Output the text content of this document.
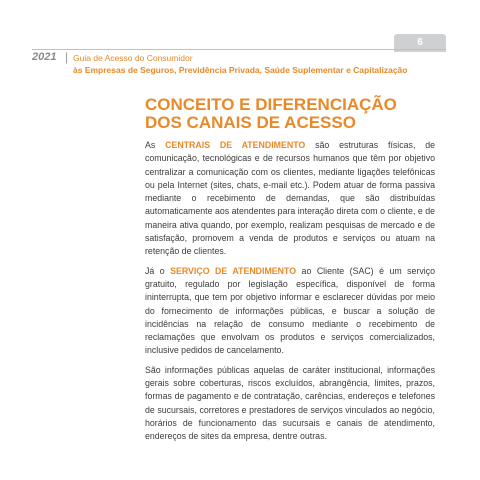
6
2021 | Guia de Acesso do Consumidor
às Empresas de Seguros, Previdência Privada, Saúde Suplementar e Capitalização
CONCEITO E DIFERENCIAÇÃO
DOS CANAIS DE ACESSO

As CENTRAIS DE ATENDIMENTO são estruturas físicas, de comunicação, tecnológicas e de recursos humanos que têm por objetivo centralizar a comunicação com os clientes, mediante ligações telefônicas ou pela Internet (sites, chats, e-mail etc.). Podem atuar de forma passiva mediante o recebimento de demandas, que são distribuídas automaticamente aos atendentes para interação direta com o cliente, e de maneira ativa quando, por exemplo, realizam pesquisas de mercado e de satisfação, promovem a venda de produtos e serviços ou atuam na retenção de clientes.

Já o SERVIÇO DE ATENDIMENTO ao Cliente (SAC) é um serviço gratuito, regulado por legislação específica, disponível de forma ininterrupta, que tem por objetivo informar e esclarecer dúvidas por meio do fornecimento de informações públicas, e buscar a solução de incidências na relação de consumo mediante o recebimento de reclamações que envolvam os produtos e serviços comercializados, inclusive pedidos de cancelamento.

São informações públicas aquelas de caráter institucional, informações gerais sobre coberturas, riscos excluídos, abrangência, limites, prazos, formas de pagamento e de contratação, carências, endereços e telefones de sucursais, corretores e prestadores de serviços vinculados ao negócio, horários de funcionamento das sucursais e canais de atendimento, endereços de sites da empresa, dentre outras.
